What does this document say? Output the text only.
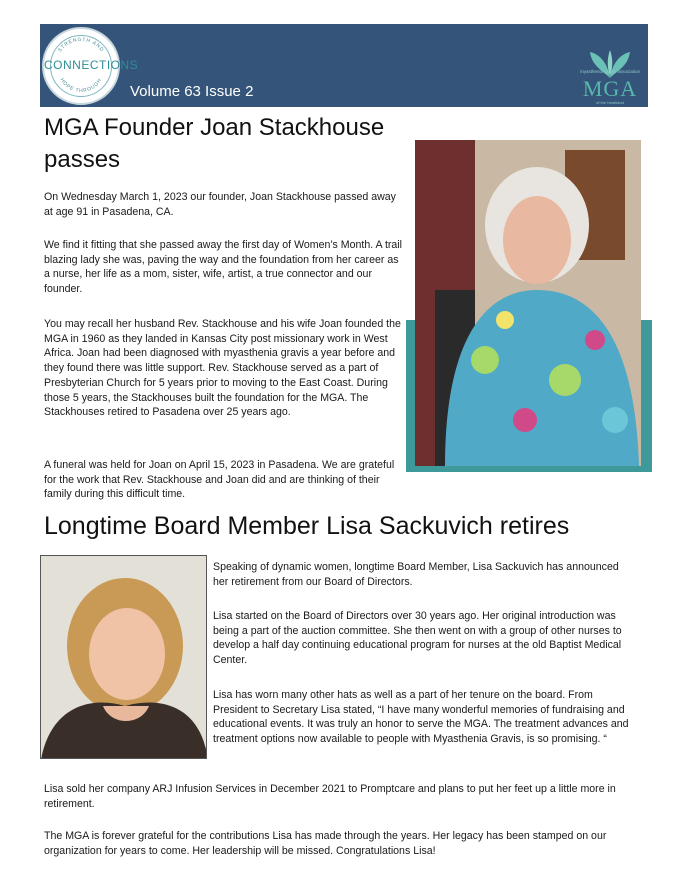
STRENGTH AND
HOPE THROUGH
CONNECTIONS
Volume 63 Issue 2
myasthenia gravis association
MGA
of the heartland
MGA Founder Joan Stackhouse passes

On Wednesday March 1, 2023 our founder, Joan Stackhouse passed away at age 91 in Pasadena, CA.

We find it fitting that she passed away the first day of Women’s Month. A trail blazing lady she was, paving the way and the foundation from her career as a nurse, her life as a mom, sister, wife, artist, a true connector and our founder.

You may recall her husband Rev. Stackhouse and his wife Joan founded the MGA in 1960 as they landed in Kansas City post missionary work in West Africa. Joan had been diagnosed with myasthenia gravis a year before and they found there was little support. Rev. Stackhouse served as a part of Presbyterian Church for 5 years prior to moving to the East Coast. During those 5 years, the Stackhouses built the foundation for the MGA. The Stackhouses retired to Pasadena over 25 years ago.

A funeral was held for Joan on April 15, 2023 in Pasadena. We are grateful for the work that Rev. Stackhouse and Joan did and are thinking of their family during this difficult time.

Longtime Board Member Lisa Sackuvich retires

Speaking of dynamic women, longtime Board Member, Lisa Sackuvich has announced her retirement from our Board of Directors.

Lisa started on the Board of Directors over 30 years ago. Her original introduction was being a part of the auction committee. She then went on with a group of other nurses to develop a half day continuing educational program for nurses at the old Baptist Medical Center.

Lisa has worn many other hats as well as a part of her tenure on the board. From President to Secretary Lisa stated, “I have many wonderful memories of fundraising and educational events. It was truly an honor to serve the MGA. The treatment advances and treatment options now available to people with Myasthenia Gravis, is so promising. “

Lisa sold her company ARJ Infusion Services in December 2021 to Promptcare and plans to put her feet up a little more in retirement.

The MGA is forever grateful for the contributions Lisa has made through the years. Her legacy has been stamped on our organization for years to come. Her leadership will be missed. Congratulations Lisa!
